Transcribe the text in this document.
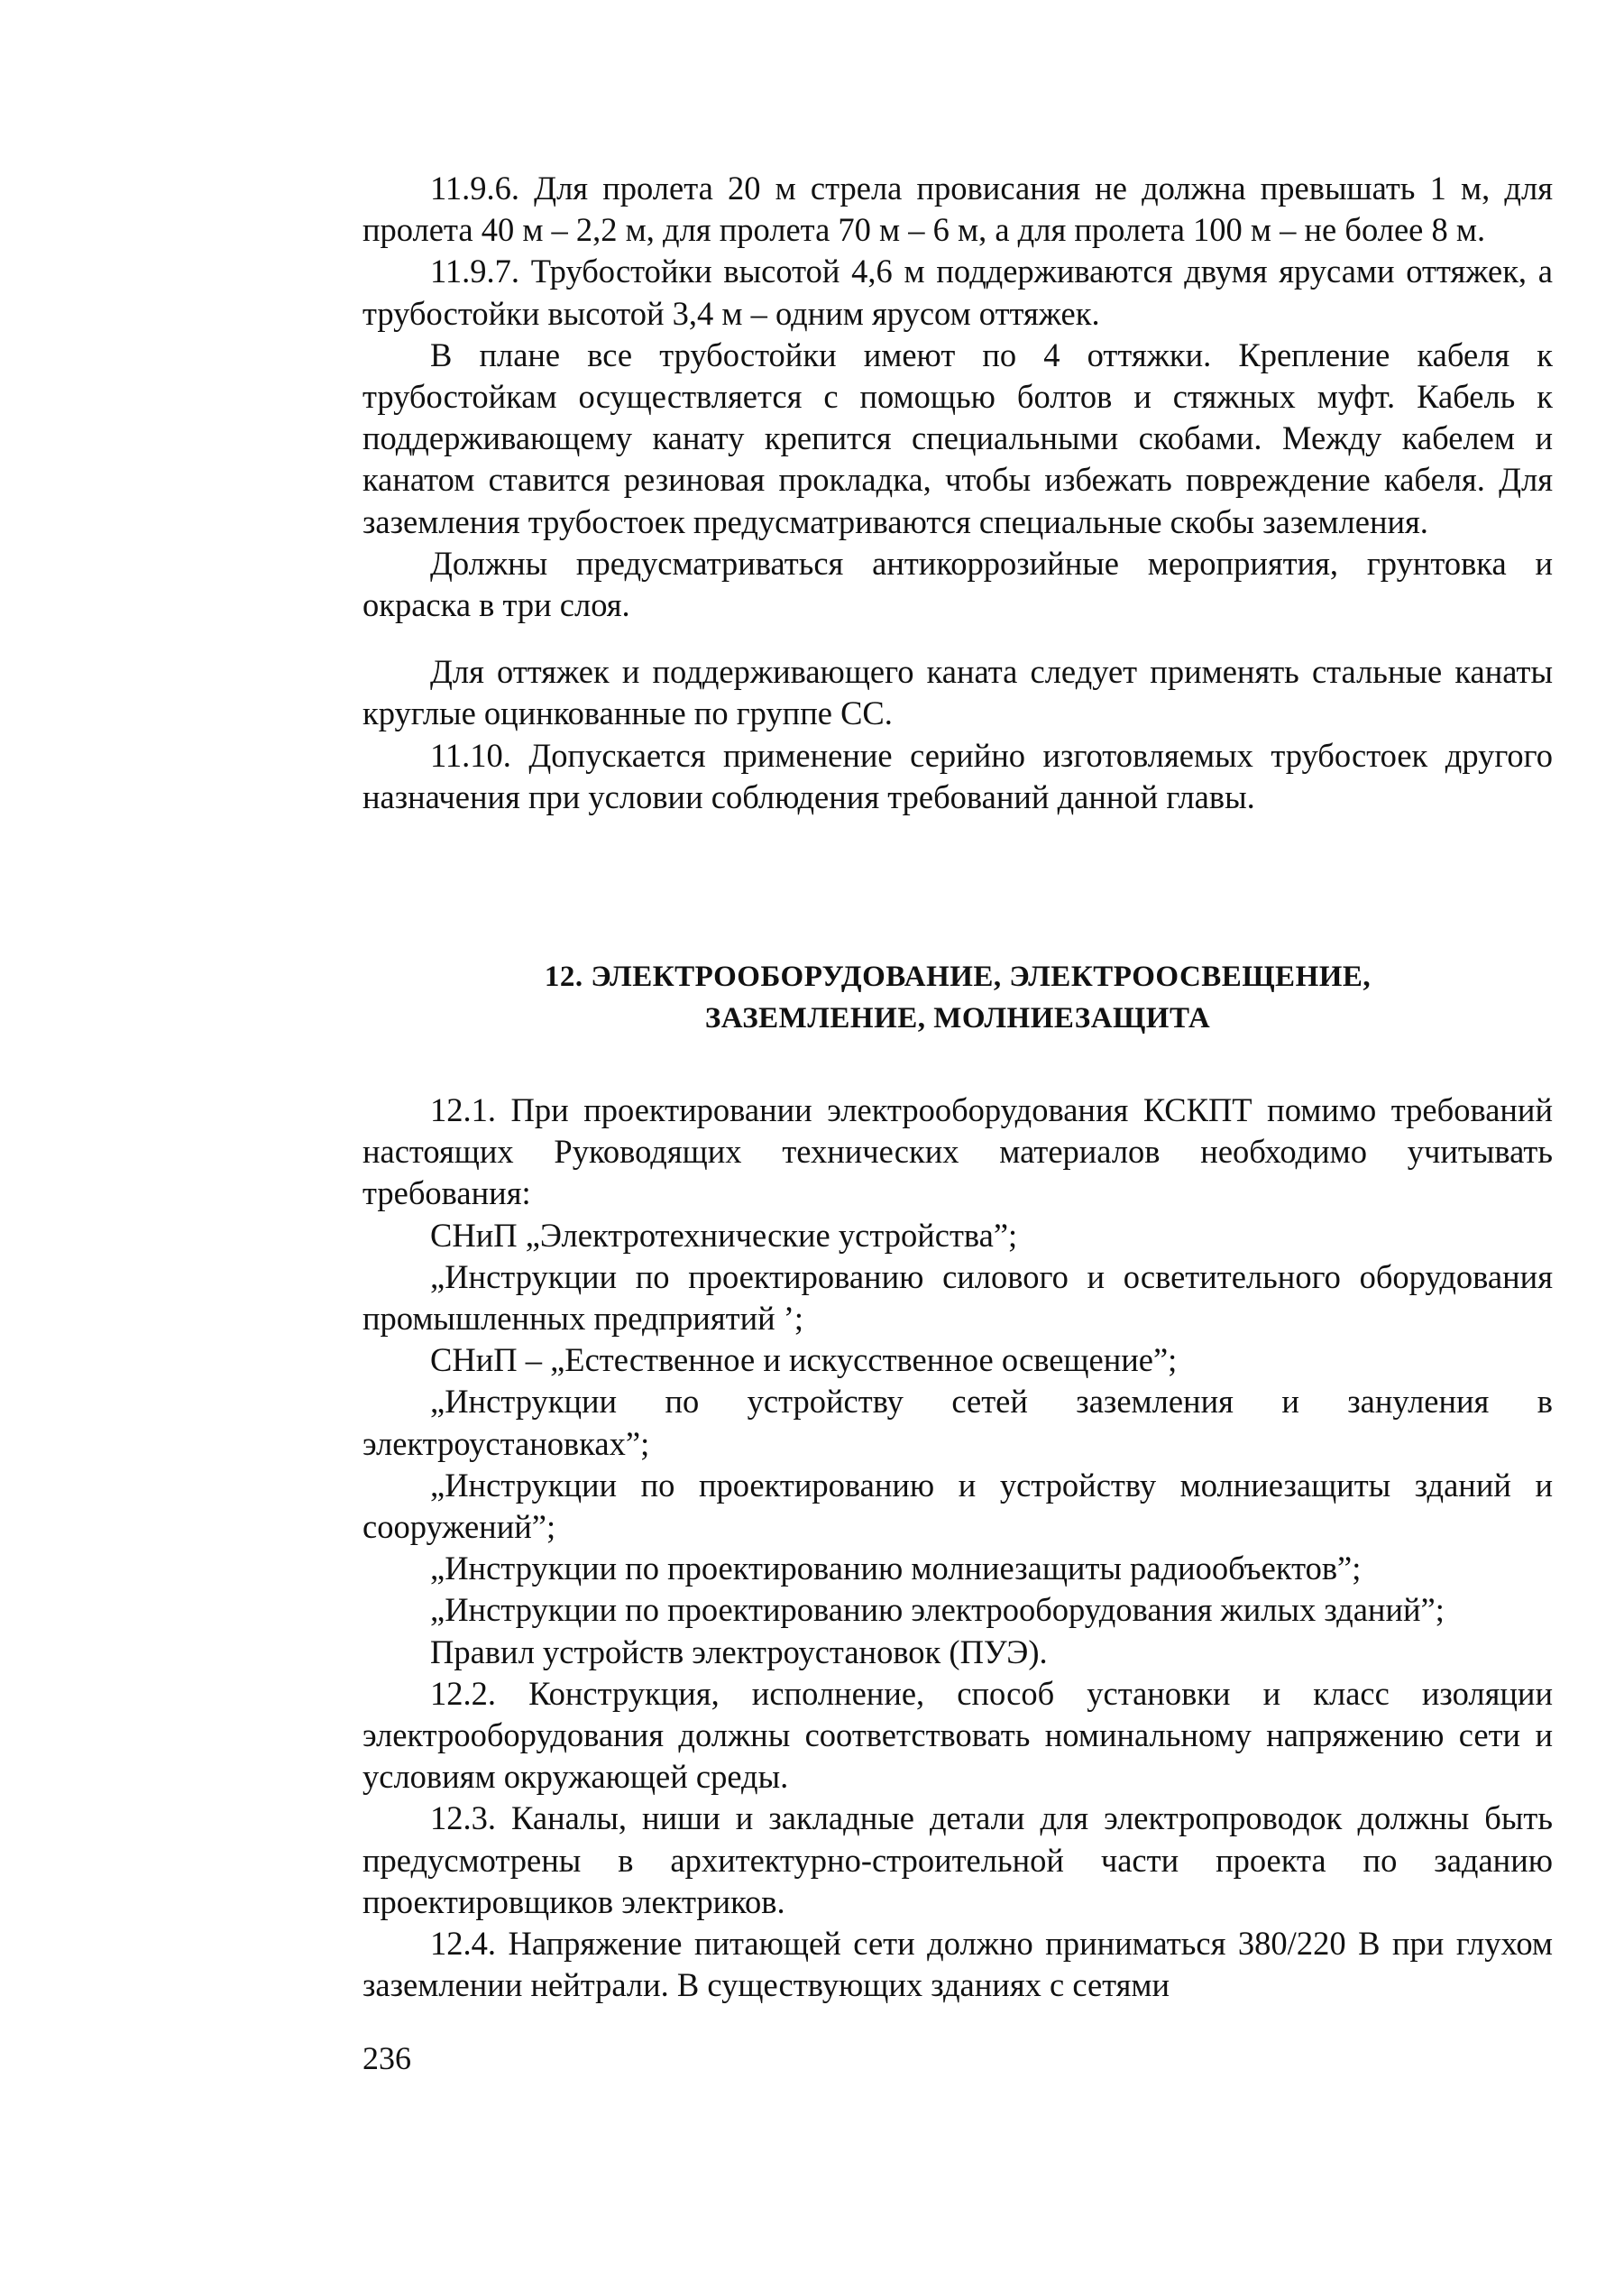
11.9.6. Для пролета 20 м стрела провисания не должна превышать 1 м, для пролета 40 м – 2,2 м, для пролета 70 м – 6 м, а для пролета 100 м – не более 8 м.

11.9.7. Трубостойки высотой 4,6 м поддерживаются двумя ярусами оттяжек, а трубостойки высотой 3,4 м – одним ярусом оттяжек.

В плане все трубостойки имеют по 4 оттяжки. Крепление кабеля к трубостойкам осуществляется с помощью болтов и стяжных муфт. Кабель к поддерживающему канату крепится специальными скобами. Между кабелем и канатом ставится резиновая прокладка, чтобы избежать повреждение кабеля. Для заземления трубостоек предусматриваются специальные скобы заземления.

Должны предусматриваться антикоррозийные мероприятия, грунтовка и окраска в три слоя.

Для оттяжек и поддерживающего каната следует применять стальные канаты круглые оцинкованные по группе СС.

11.10. Допускается применение серийно изготовляемых трубостоек другого назначения при условии соблюдения требований данной главы.

12. ЭЛЕКТРООБОРУДОВАНИЕ, ЭЛЕКТРООСВЕЩЕНИЕ,
ЗАЗЕМЛЕНИЕ, МОЛНИЕЗАЩИТА

12.1. При проектировании электрооборудования КСКПТ помимо требований настоящих Руководящих технических материалов необходимо учитывать требования:

СНиП „Электротехнические устройства”;

„Инструкции по проектированию силового и осветительного оборудования промышленных предприятий ’;

СНиП – „Естественное и искусственное освещение”;

„Инструкции по устройству сетей заземления и зануления в электроустановках”;

„Инструкции по проектированию и устройству молниезащиты зданий и сооружений”;

„Инструкции по проектированию молниезащиты радиообъектов”;

„Инструкции по проектированию электрооборудования жилых зданий”;

Правил устройств электроустановок (ПУЭ).

12.2. Конструкция, исполнение, способ установки и класс изоляции электрооборудования должны соответствовать номинальному напряжению сети и условиям окружающей среды.

12.3. Каналы, ниши и закладные детали для электропроводок должны быть предусмотрены в архитектурно-строительной части проекта по заданию проектировщиков электриков.

12.4. Напряжение питающей сети должно приниматься 380/220 В при глухом заземлении нейтрали. В существующих зданиях с сетями

236
